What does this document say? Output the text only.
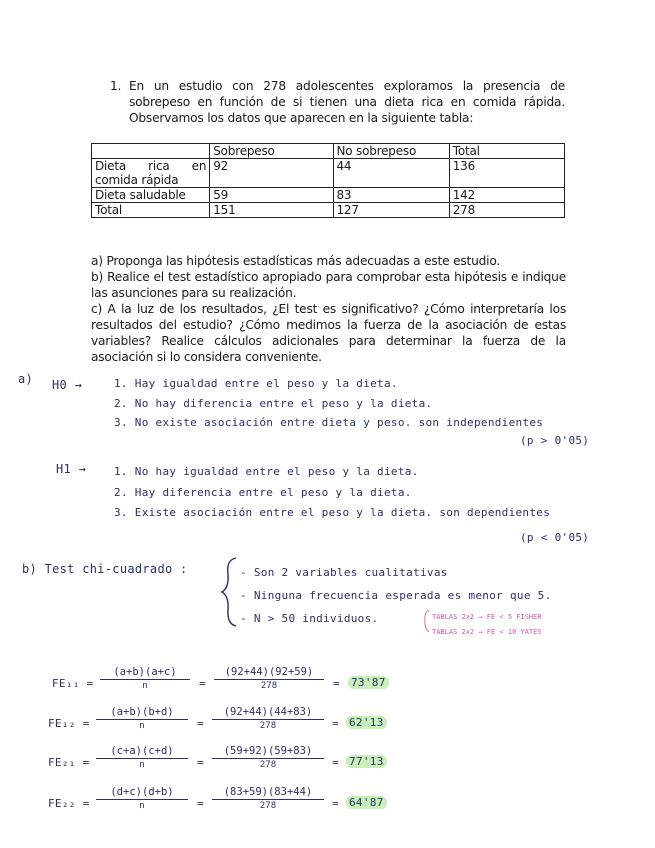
1. En un estudio con 278 adolescentes exploramos la presencia de sobrepeso en función de si tienen una dieta rica en comida rápida. Observamos los datos que aparecen en la siguiente tabla:
	Sobrepeso	No sobrepeso	Total
Dieta rica en comida rápida	92	44	136
Dieta saludable	59	83	142
Total	151	127	278

a) Proponga las hipótesis estadísticas más adecuadas a este estudio.

b) Realice el test estadístico apropiado para comprobar esta hipótesis e indique las asunciones para su realización.

c) A la luz de los resultados, ¿El test es significativo? ¿Cómo interpretaría los resultados del estudio? ¿Cómo medimos la fuerza de la asociación de estas variables? Realice cálculos adicionales para determinar la fuerza de la asociación si lo considera conveniente.

a) H0 →	1. Hay igualdad entre el peso y la dieta.
2. No hay diferencia entre el peso y la dieta.
3. No existe asociación entre dieta y peso. son independientes
(p > 0'05)
H1 →	1. No hay igualdad entre el peso y la dieta.
2. Hay diferencia entre el peso y la dieta.
3. Existe asociación entre el peso y la dieta. son dependientes
(p < 0'05)
b) Test chi-cuadrado :	- Son 2 variables cualitativas
- Ninguna frecuencia esperada es menor que 5.
- N > 50 individuos.	TABLAS 2x2 → FE < 5 FISHER
TABLAS 2x2 → FE < 10 YATES
$FE_{11} = \frac{(a+b)(a+c)}{n} = \frac{(92+44)(92+59)}{278} = 73'87$
$FE_{12} = \frac{(a+b)(b+d)}{n} = \frac{(92+44)(44+83)}{278} = 62'13$
$FE_{21} = \frac{(c+a)(c+d)}{n} = \frac{(59+92)(59+83)}{278} = 77'13$
$FE_{22} = \frac{(d+c)(d+b)}{n} = \frac{(83+59)(83+44)}{278} = 64'87$
